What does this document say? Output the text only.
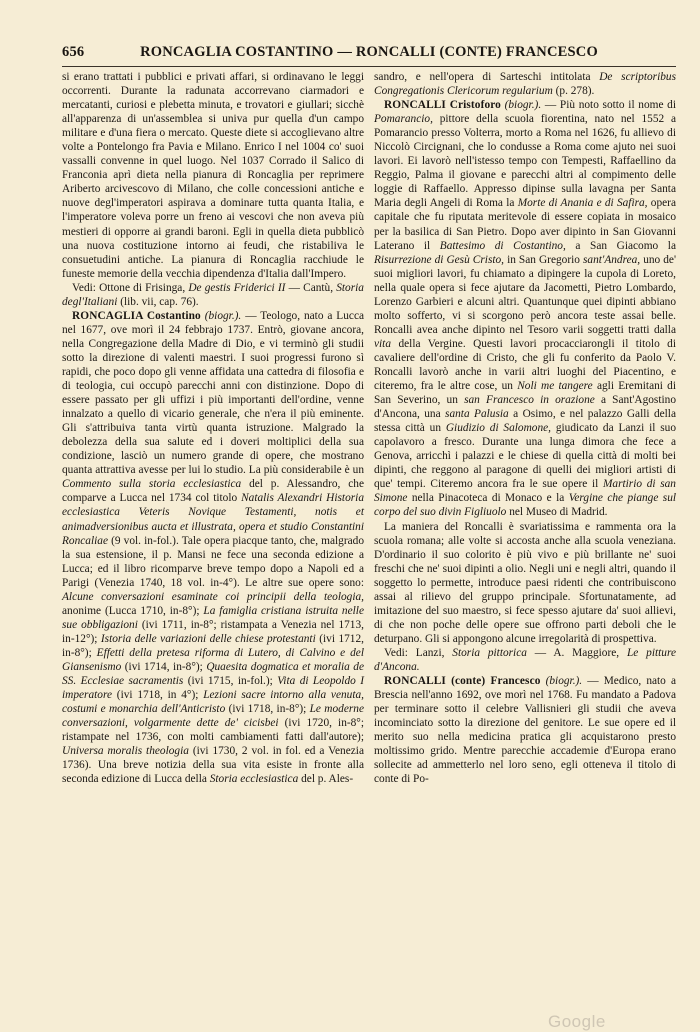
656	RONCAGLIA COSTANTINO — RONCALLI (CONTE) FRANCESCO

si erano trattati i pubblici e privati affari, si ordinavano le leggi occorrenti. Durante la radunata accorrevano ciarmadori e mercatanti, curiosi e plebetta minuta, e trovatori e giullari; sicchè all'apparenza di un'assemblea si univa pur quella d'un campo militare e d'una fiera o mercato. Queste diete si accoglievano altre volte a Pontelongo fra Pavia e Milano. Enrico I nel 1004 co' suoi vassalli convenne in quel luogo. Nel 1037 Corrado il Salico di Franconia aprì dieta nella pianura di Roncaglia per reprimere Ariberto arcivescovo di Milano, che colle concessioni antiche e nuove degl'imperatori aspirava a dominare tutta quanta Italia, e l'imperatore voleva porre un freno ai vescovi che non aveva più mestieri di opporre ai grandi baroni. Egli in quella dieta pubblicò una nuova costituzione intorno ai feudi, che ristabiliva le consuetudini antiche. La pianura di Roncaglia racchiude le funeste memorie della vecchia dipendenza d'Italia dall'Impero.

Vedi: Ottone di Frisinga, De gestis Friderici II — Cantù, Storia degl'Italiani (lib. vii, cap. 76).

RONCAGLIA Costantino (biogr.). — Teologo, nato a Lucca nel 1677, ove morì il 24 febbrajo 1737. Entrò, giovane ancora, nella Congregazione della Madre di Dio, e vi terminò gli studii sotto la direzione di valenti maestri. I suoi progressi furono sì rapidi, che poco dopo gli venne affidata una cattedra di filosofia e di teologia, cui occupò parecchi anni con distinzione. Dopo di essere passato per gli uffizi i più importanti dell'ordine, venne innalzato a quello di vicario generale, che n'era il più eminente. Gli s'attribuiva tanta virtù quanta istruzione. Malgrado la debolezza della sua salute ed i doveri moltiplici della sua condizione, lasciò un numero grande di opere, che mostrano quanta attrattiva avesse per lui lo studio. La più considerabile è un Commento sulla storia ecclesiastica del p. Alessandro, che comparve a Lucca nel 1734 col titolo Natalis Alexandri Historia ecclesiastica Veteris Novique Testamenti, notis et animadversionibus aucta et illustrata, opera et studio Constantini Roncaliae (9 vol. in-fol.). Tale opera piacque tanto, che, malgrado la sua estensione, il p. Mansi ne fece una seconda edizione a Lucca; ed il libro ricomparve breve tempo dopo a Napoli ed a Parigi (Venezia 1740, 18 vol. in-4°). Le altre sue opere sono: Alcune conversazioni esaminate coi principii della teologia, anonime (Lucca 1710, in-8°); La famiglia cristiana istruita nelle sue obbligazioni (ivi 1711, in-8°; ristampata a Venezia nel 1713, in-12°); Istoria delle variazioni delle chiese protestanti (ivi 1712, in-8°); Effetti della pretesa riforma di Lutero, di Calvino e del Giansenismo (ivi 1714, in-8°); Quaesita dogmatica et moralia de SS. Ecclesiae sacramentis (ivi 1715, in-fol.); Vita di Leopoldo I imperatore (ivi 1718, in 4°); Lezioni sacre intorno alla venuta, costumi e monarchia dell'Anticristo (ivi 1718, in-8°); Le moderne conversazioni, volgarmente dette de' cicisbei (ivi 1720, in-8°; ristampate nel 1736, con molti cambiamenti fatti dall'autore); Universa moralis theologia (ivi 1730, 2 vol. in fol. ed a Venezia 1736). Una breve notizia della sua vita esiste in fronte alla seconda edizione di Lucca della Storia ecclesiastica del p. Ales-

sandro, e nell'opera di Sarteschi intitolata De scriptoribus Congregationis Clericorum regularium (p. 278).

RONCALLI Cristoforo (biogr.). — Più noto sotto il nome di Pomarancio, pittore della scuola fiorentina, nato nel 1552 a Pomarancio presso Volterra, morto a Roma nel 1626, fu allievo di Niccolò Circignani, che lo condusse a Roma come ajuto nei suoi lavori. Ei lavorò nell'istesso tempo con Tempesti, Raffaellino da Reggio, Palma il giovane e parecchi altri al compimento delle loggie di Raffaello. Appresso dipinse sulla lavagna per Santa Maria degli Angeli di Roma la Morte di Anania e di Safira, opera capitale che fu riputata meritevole di essere copiata in mosaico per la basilica di San Pietro. Dopo aver dipinto in San Giovanni Laterano il Battesimo di Costantino, a San Giacomo la Risurrezione di Gesù Cristo, in San Gregorio sant'Andrea, uno de' suoi migliori lavori, fu chiamato a dipingere la cupola di Loreto, nella quale opera si fece ajutare da Jacometti, Pietro Lombardo, Lorenzo Garbieri e alcuni altri. Quantunque quei dipinti abbiano molto sofferto, vi si scorgono però ancora teste assai belle. Roncalli avea anche dipinto nel Tesoro varii soggetti tratti dalla vita della Vergine. Questi lavori procacciarongli il titolo di cavaliere dell'ordine di Cristo, che gli fu conferito da Paolo V. Roncalli lavorò anche in varii altri luoghi del Piacentino, e citeremo, fra le altre cose, un Noli me tangere agli Eremitani di San Severino, un san Francesco in orazione a Sant'Agostino d'Ancona, una santa Palusia a Osimo, e nel palazzo Galli della stessa città un Giudizio di Salomone, giudicato da Lanzi il suo capolavoro a fresco. Durante una lunga dimora che fece a Genova, arricchì i palazzi e le chiese di quella città di molti bei dipinti, che reggono al paragone di quelli dei migliori artisti di que' tempi. Citeremo ancora fra le sue opere il Martirio di san Simone nella Pinacoteca di Monaco e la Vergine che piange sul corpo del suo divin Figliuolo nel Museo di Madrid.

La maniera del Roncalli è svariatissima e rammenta ora la scuola romana; alle volte si accosta anche alla scuola veneziana. D'ordinario il suo colorito è più vivo e più brillante ne' suoi freschi che ne' suoi dipinti a olio. Negli uni e negli altri, quando il soggetto lo permette, introduce paesi ridenti che contribuiscono assai al rilievo del gruppo principale. Sfortunatamente, ad imitazione del suo maestro, si fece spesso ajutare da' suoi allievi, di che non poche delle opere sue offrono parti deboli che le deturpano. Gli si appongono alcune irregolarità di prospettiva.

Vedi: Lanzi, Storia pittorica — A. Maggiore, Le pitture d'Ancona.

RONCALLI (conte) Francesco (biogr.). — Medico, nato a Brescia nell'anno 1692, ove morì nel 1768. Fu mandato a Padova per terminare sotto il celebre Vallisnieri gli studii che aveva incominciato sotto la direzione del genitore. Le sue opere ed il merito suo nella medicina pratica gli acquistarono presto moltissimo grido. Mentre parecchie accademie d'Europa erano sollecite ad ammetterlo nel loro seno, egli otteneva il titolo di conte di Po-

Google
